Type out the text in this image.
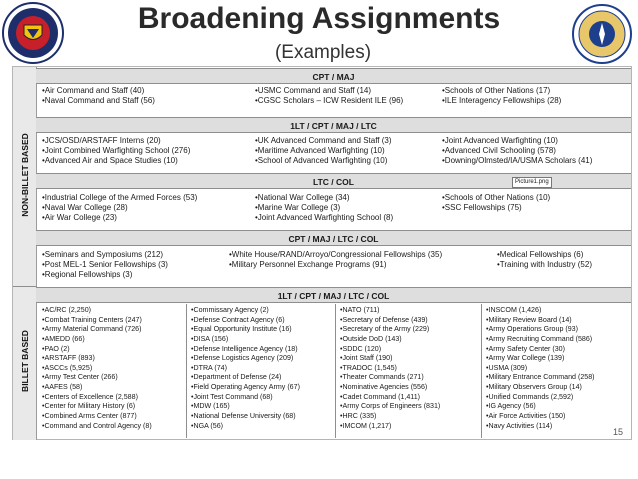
Broadening Assignments
(Examples)
NON-BILLET BASED
BILLET BASED
CPT / MAJ
•Air Command and Staff (40)
•Naval Command and Staff (56)
•USMC Command and Staff (14)
•CGSC Scholars – ICW Resident ILE (96)
•Schools of Other Nations (17)
•ILE Interagency Fellowships (28)
1LT / CPT / MAJ / LTC
•JCS/OSD/ARSTAFF Interns (20)
•Joint Combined Warfighting School (276)
•Advanced Air and Space Studies (10)
•UK Advanced Command and Staff (3)
•Maritime Advanced Warfighting (10)
•School of Advanced Warfighting (10)
•Joint Advanced Warfighting (10)
•Advanced Civil Schooling (578)
•Downing/Olmsted/IA/USMA Scholars (41)
LTC / COL
•Industrial College of the Armed Forces (53)
•Naval War College (28)
•Air War College (23)
•National War College (34)
•Marine War College (3)
•Joint Advanced Warfighting School (8)
•Schools of Other Nations (10)
•SSC Fellowships (75)
Picture1.png
CPT / MAJ / LTC / COL
•Seminars and Symposiums (212)
•Post MEL-1 Senior Fellowships (3)
•Regional Fellowships (3)
•White House/RAND/Arroyo/Congressional Fellowships (35)
•Military Personnel Exchange Programs (91)
•Medical Fellowships (6)
•Training with Industry (52)
1LT / CPT / MAJ / LTC / COL
•AC/RC (2,250)
•Combat Training Centers (247)
•Army Material Command (726)
•AMEDD (66)
•PAO (2)
•ARSTAFF (893)
•ASCCs (5,925)
•Army Test Center (266)
•AAFES (58)
•Centers of Excellence (2,588)
•Center for Military History (6)
•Combined Arms Center (877)
•Command and Control Agency (8)
•Commissary Agency (2)
•Defense Contract Agency (6)
•Equal Opportunity Institute (16)
•DISA (156)
•Defense Intelligence Agency (18)
•Defense Logistics Agency (209)
•DTRA (74)
•Department of Defense (24)
•Field Operating Agency Army (67)
•Joint Test Command (68)
•MDW (165)
•National Defense University (68)
•NGA (56)
•NATO (711)
•Secretary of Defense (439)
•Secretary of the Army (229)
•Outside DoD (143)
•SDDC (120)
•Joint Staff (190)
•TRADOC (1,545)
•Theater Commands (271)
•Nominative Agencies (556)
•Cadet Command (1,411)
•Army Corps of Engineers (831)
•HRC (335)
•IMCOM (1,217)
•INSCOM (1,426)
•Military Review Board (14)
•Army Operations Group (93)
•Army Recruiting Command (586)
•Army Safety Center (30)
•Army War College (139)
•USMA (309)
•Military Entrance Command (258)
•Military Observers Group (14)
•Unified Commands (2,592)
•IG Agency (56)
•Air Force Activities (150)
•Navy Activities (114)
15
